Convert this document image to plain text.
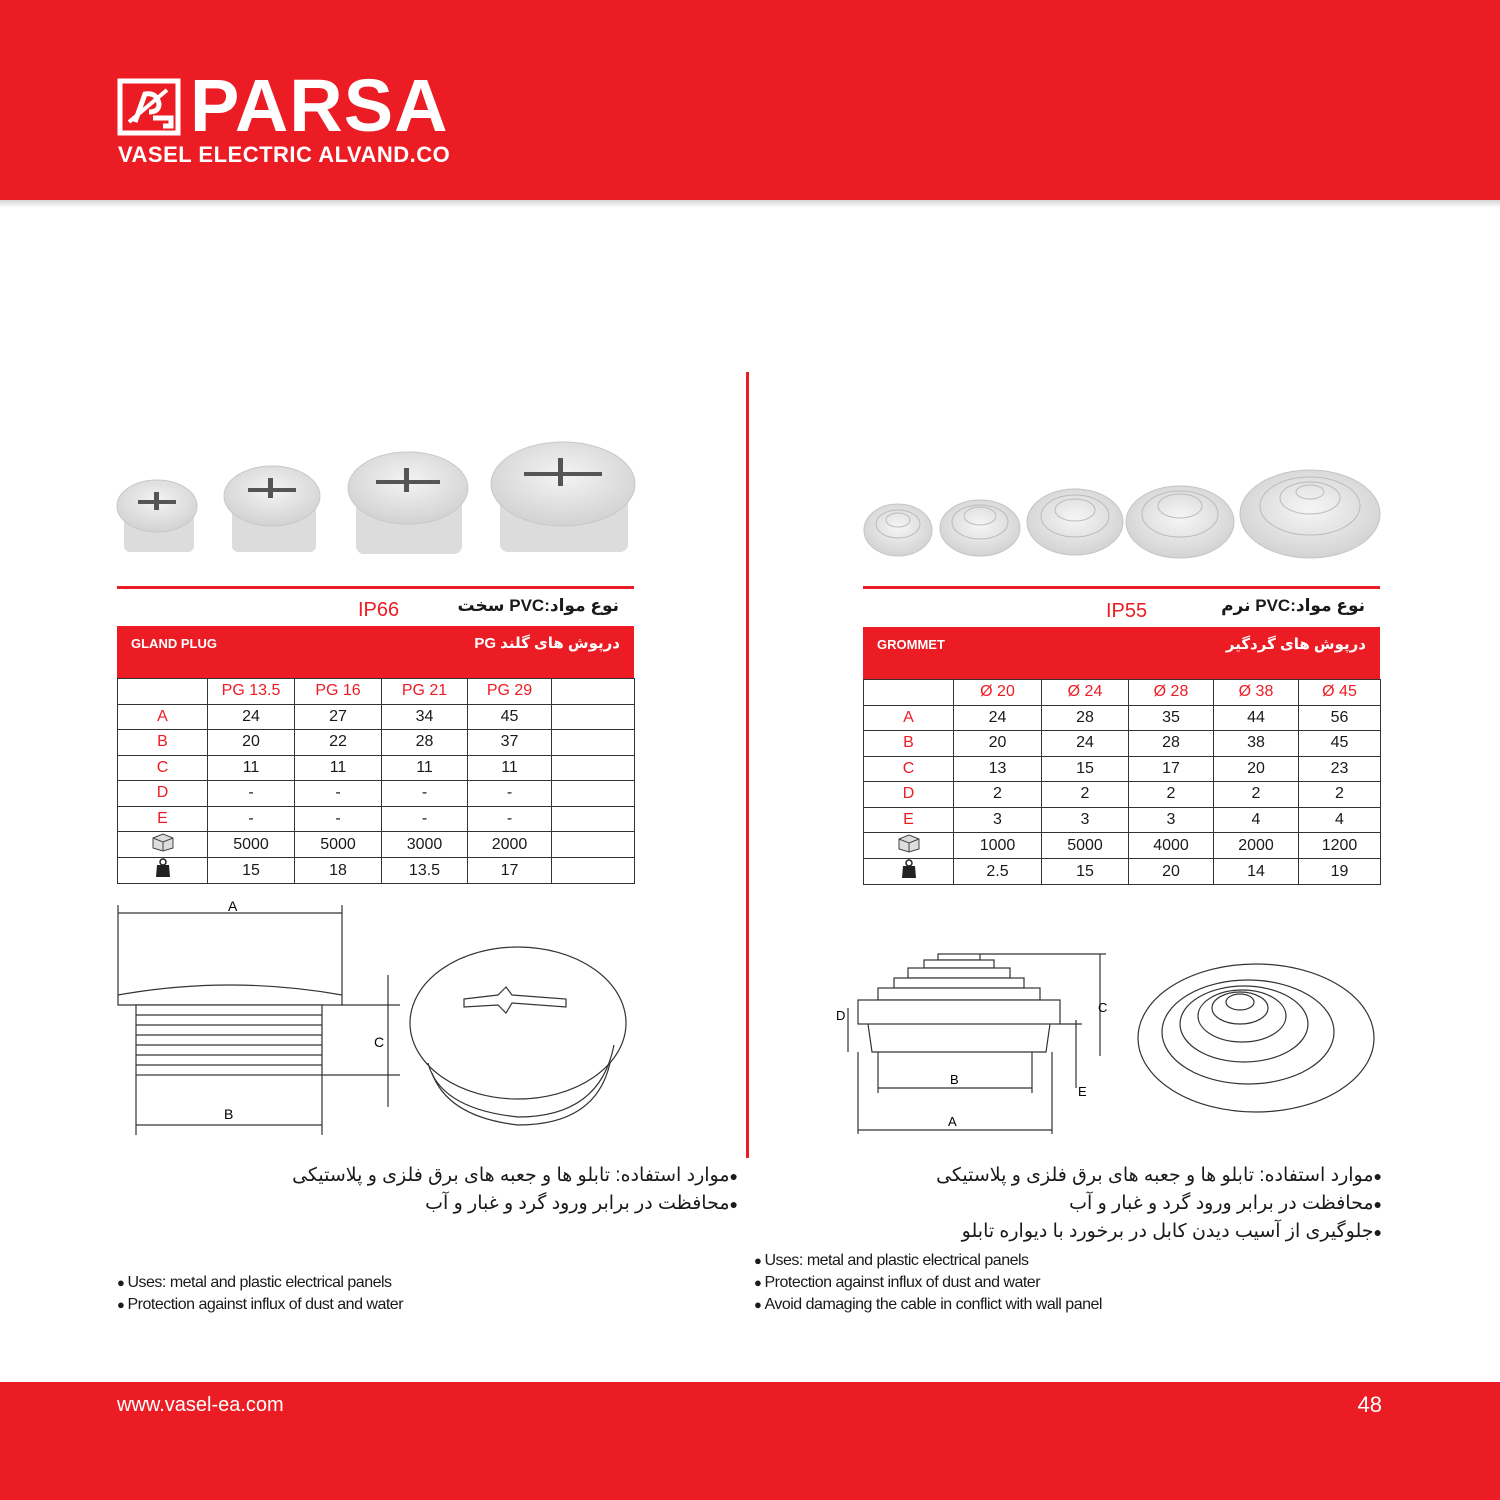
PARSA
VASEL ELECTRIC ALVAND.CO
نوع مواد:PVC سخت
IP66
GLAND PLUG	درپوش های گلند PG
	PG 13.5	PG 16	PG 21	PG 29	
A	24	27	34	45	
B	20	22	28	37	
C	11	11	11	11	
D	-	-	-	-	
E	-	-	-	-	
	5000	5000	3000	2000	
	15	18	13.5	17	
نوع مواد:PVC نرم
IP55
GROMMET	درپوش های گردگیر
	Ø 20	Ø 24	Ø 28	Ø 38	Ø 45
A	24	28	35	44	56
B	20	24	28	38	45
C	13	15	17	20	23
D	2	2	2	2	2
E	3	3	3	4	4
	1000	5000	4000	2000	1200
	2.5	15	20	14	19
A
B
C
D
B
A
C
E
● موارد استفاده: تابلو ها و جعبه های برق فلزی و پلاستیکی
● محافظت در برابر ورود گرد و غبار و آب
● Uses: metal and plastic electrical panels
● Protection against influx of dust and water
● موارد استفاده: تابلو ها و جعبه های برق فلزی و پلاستیکی
● محافظت در برابر ورود گرد و غبار و آب
● جلوگیری از آسیب دیدن کابل در برخورد با دیواره تابلو
● Uses: metal and plastic electrical panels
● Protection against influx of dust and water
● Avoid damaging the cable in conflict with wall panel
www.vasel-ea.com	48
